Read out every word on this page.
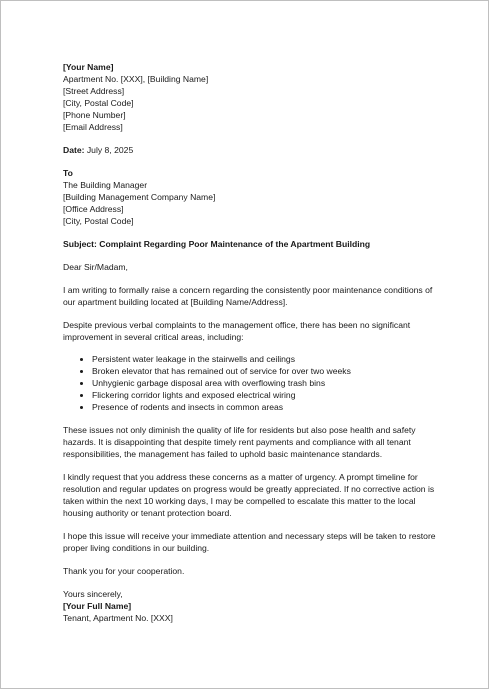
[Your Name]
Apartment No. [XXX], [Building Name]
[Street Address]
[City, Postal Code]
[Phone Number]
[Email Address]
Date: July 8, 2025
To
The Building Manager
[Building Management Company Name]
[Office Address]
[City, Postal Code]
Subject: Complaint Regarding Poor Maintenance of the Apartment Building
Dear Sir/Madam,

I am writing to formally raise a concern regarding the consistently poor maintenance conditions of our apartment building located at [Building Name/Address].

Despite previous verbal complaints to the management office, there has been no significant improvement in several critical areas, including:

• Persistent water leakage in the stairwells and ceilings
• Broken elevator that has remained out of service for over two weeks
• Unhygienic garbage disposal area with overflowing trash bins
• Flickering corridor lights and exposed electrical wiring
• Presence of rodents and insects in common areas

These issues not only diminish the quality of life for residents but also pose health and safety hazards. It is disappointing that despite timely rent payments and compliance with all tenant responsibilities, the management has failed to uphold basic maintenance standards.

I kindly request that you address these concerns as a matter of urgency. A prompt timeline for resolution and regular updates on progress would be greatly appreciated. If no corrective action is taken within the next 10 working days, I may be compelled to escalate this matter to the local housing authority or tenant protection board.

I hope this issue will receive your immediate attention and necessary steps will be taken to restore proper living conditions in our building.

Thank you for your cooperation.

Yours sincerely,
[Your Full Name]
Tenant, Apartment No. [XXX]
